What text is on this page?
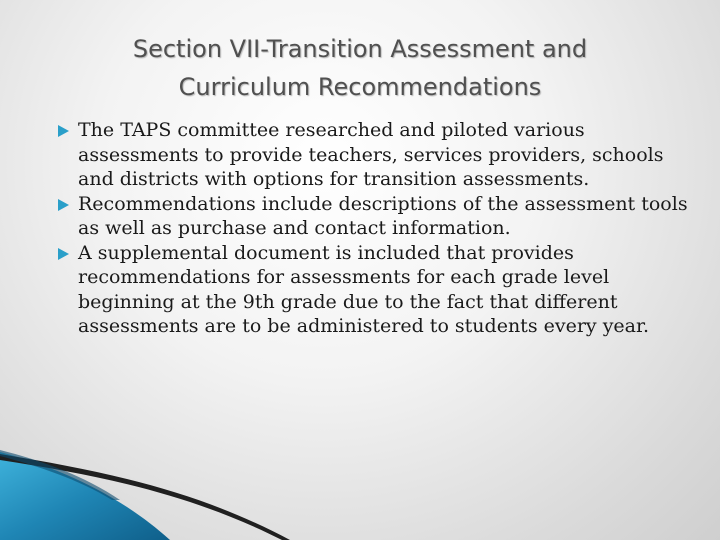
Section VII-Transition Assessment and
Curriculum Recommendations
The TAPS committee researched and piloted various assessments to provide teachers, services providers, schools and districts with options for transition assessments.
Recommendations include descriptions of the assessment tools as well as purchase and contact information.
A supplemental document is included that provides recommendations for assessments for each grade level beginning at the 9th grade due to the fact that different assessments are to be administered to students every year.
